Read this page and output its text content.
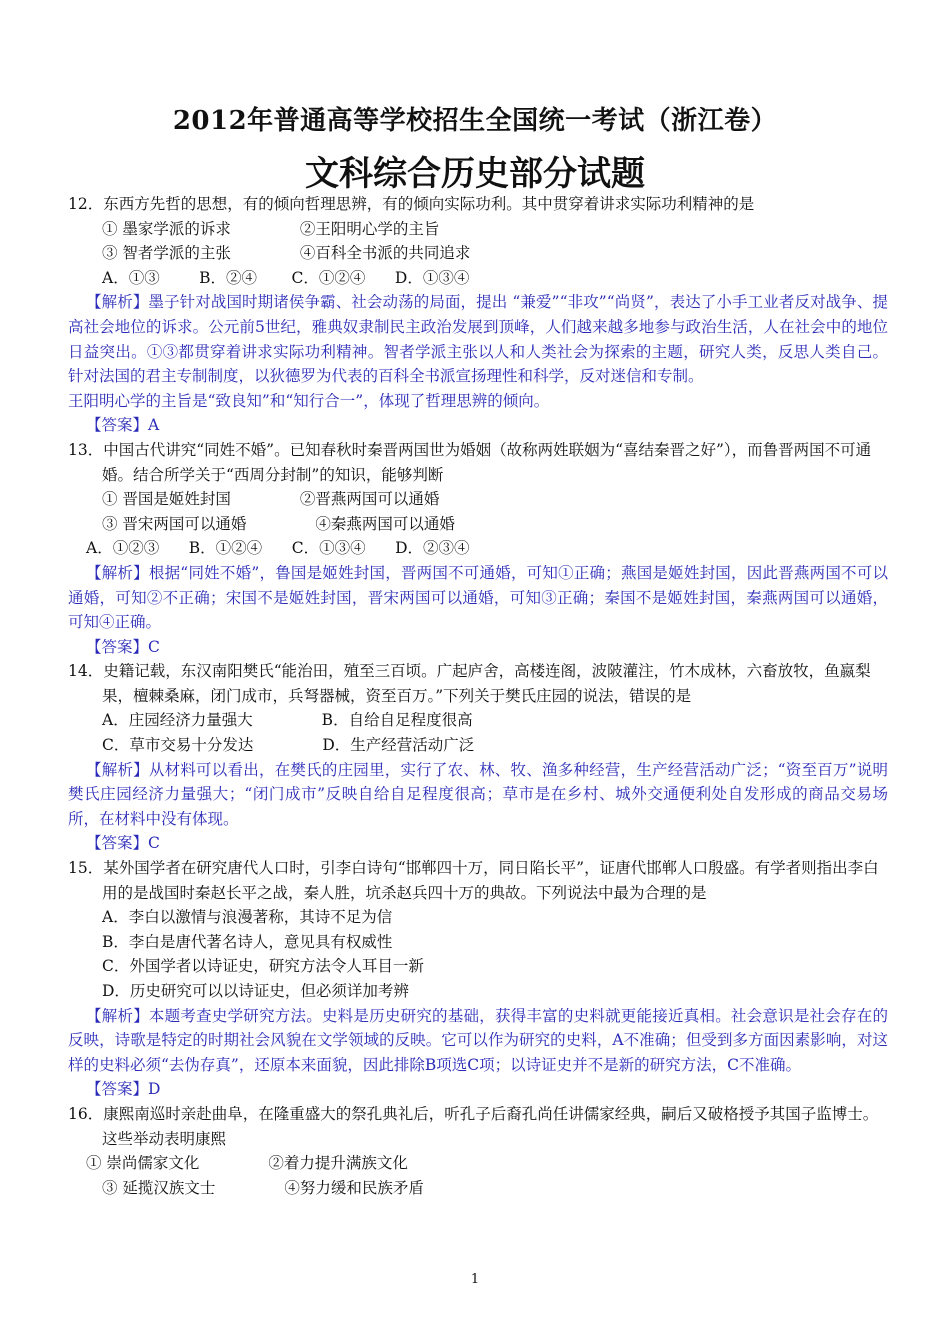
2012年普通高等学校招生全国统一考试（浙江卷）
文科综合历史部分试题
12．东西方先哲的思想，有的倾向哲理思辨，有的倾向实际功利。其中贯穿着讲求实际功利精神的是
① 墨家学派的诉求              ②王阳明心学的主旨
③ 智者学派的主张              ④百科全书派的共同追求
A．①③        B．②④       C．①②④      D．①③④
【解析】墨子针对战国时期诸侯争霸、社会动荡的局面，提出 “兼爱”“非攻”“尚贤”，表达了小手工业者反对战争、提高社会地位的诉求。公元前5世纪，雅典奴隶制民主政治发展到顶峰，人们越来越多地参与政治生活，人在社会中的地位日益突出。①③都贯穿着讲求实际功利精神。智者学派主张以人和人类社会为探索的主题，研究人类，反思人类自己。针对法国的君主专制制度，以狄德罗为代表的百科全书派宣扬理性和科学，反对迷信和专制。
王阳明心学的主旨是“致良知”和“知行合一”，体现了哲理思辨的倾向。
【答案】A
13．中国古代讲究“同姓不婚”。已知春秋时秦晋两国世为婚姻（故称两姓联姻为“喜结秦晋之好”），而鲁晋两国不可通婚。结合所学关于“西周分封制”的知识，能够判断
① 晋国是姬姓封国              ②晋燕两国可以通婚
③ 晋宋两国可以通婚              ④秦燕两国可以通婚
A．①②③      B．①②④      C．①③④      D．②③④
【解析】根据“同姓不婚”，鲁国是姬姓封国，晋两国不可通婚，可知①正确；燕国是姬姓封国，因此晋燕两国不可以通婚，可知②不正确；宋国不是姬姓封国，晋宋两国可以通婚，可知③正确；秦国不是姬姓封国，秦燕两国可以通婚，可知④正确。
【答案】C
14．史籍记载，东汉南阳樊氏“能治田，殖至三百顷。广起庐舍，高楼连阁，波陂灌注，竹木成林，六畜放牧，鱼嬴梨果，檀棘桑麻，闭门成市，兵弩器械，资至百万。”下列关于樊氏庄园的说法，错误的是
A．庄园经济力量强大              B．自给自足程度很高
C．草市交易十分发达              D．生产经营活动广泛
【解析】从材料可以看出，在樊氏的庄园里，实行了农、林、牧、渔多种经营，生产经营活动广泛；“资至百万”说明樊氏庄园经济力量强大；“闭门成市”反映自给自足程度很高；草市是在乡村、城外交通便利处自发形成的商品交易场所，在材料中没有体现。
【答案】C
15．某外国学者在研究唐代人口时，引李白诗句“邯郸四十万，同日陷长平”，证唐代邯郸人口殷盛。有学者则指出李白用的是战国时秦赵长平之战，秦人胜，坑杀赵兵四十万的典故。下列说法中最为合理的是
A．李白以激情与浪漫著称，其诗不足为信
B．李白是唐代著名诗人，意见具有权威性
C．外国学者以诗证史，研究方法令人耳目一新
D．历史研究可以以诗证史，但必须详加考辨
【解析】本题考查史学研究方法。史料是历史研究的基础，获得丰富的史料就更能接近真相。社会意识是社会存在的反映，诗歌是特定的时期社会风貌在文学领域的反映。它可以作为研究的史料，A不准确；但受到多方面因素影响，对这样的史料必须“去伪存真”，还原本来面貌，因此排除B项选C项；以诗证史并不是新的研究方法，C不准确。
【答案】D
16．康熙南巡时亲赴曲阜，在隆重盛大的祭孔典礼后，听孔子后裔孔尚任讲儒家经典，嗣后又破格授予其国子监博士。这些举动表明康熙
① 崇尚儒家文化              ②着力提升满族文化
③ 延揽汉族文士              ④努力缓和民族矛盾
1
